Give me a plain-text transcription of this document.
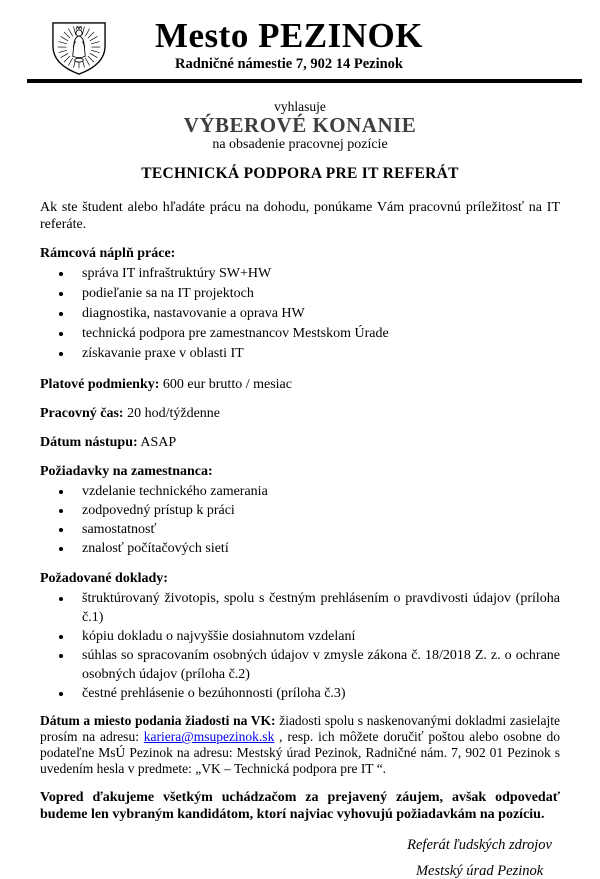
Mesto PEZINOK
Radničné námestie 7, 902 14 Pezinok
vyhlasuje
VÝBEROVÉ KONANIE
na obsadenie pracovnej pozície
TECHNICKÁ PODPORA PRE IT REFERÁT

Ak ste študent alebo hľadáte prácu na dohodu, ponúkame Vám pracovnú príležitosť na IT referáte.

Rámcová náplň práce:

• správa IT infraštruktúry SW+HW
• podieľanie sa na IT projektoch
• diagnostika, nastavovanie a oprava HW
• technická podpora pre zamestnancov Mestskom Úrade
• získavanie praxe v oblasti IT

Platové podmienky: 600 eur brutto / mesiac

Pracovný čas: 20 hod/týždenne

Dátum nástupu: ASAP

Požiadavky na zamestnanca:

• vzdelanie technického zamerania
• zodpovedný prístup k práci
• samostatnosť
• znalosť počítačových sietí

Požadované doklady:

• štruktúrovaný životopis, spolu s čestným prehlásením o pravdivosti údajov (príloha č.1)
• kópiu dokladu o najvyššie dosiahnutom vzdelaní
• súhlas so spracovaním osobných údajov v zmysle zákona č. 18/2018 Z. z. o ochrane osobných údajov (príloha č.2)
• čestné prehlásenie o bezúhonnosti (príloha č.3)

Dátum a miesto podania žiadosti na VK: žiadosti spolu s naskenovanými dokladmi zasielajte prosím na adresu: kariera@msupezinok.sk , resp. ich môžete doručiť poštou alebo osobne do podateľne MsÚ Pezinok na adresu: Mestský úrad Pezinok, Radničné nám. 7, 902 01 Pezinok s uvedením hesla v predmete: „VK – Technická podpora pre IT “.

Vopred ďakujeme všetkým uchádzačom za prejavený záujem, avšak odpovedať budeme len vybraným kandidátom, ktorí najviac vyhovujú požiadavkám na pozíciu.

Referát ľudských zdrojov
Mestský úrad Pezinok
